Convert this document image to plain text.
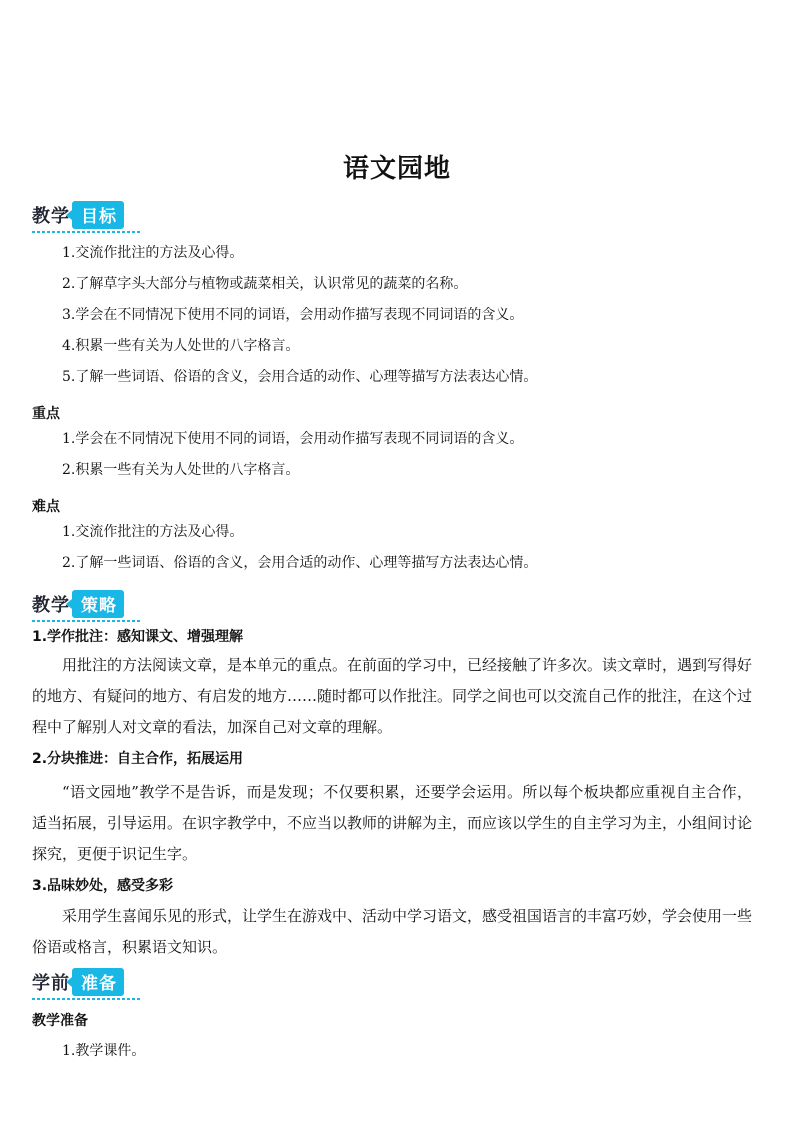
语文园地
教学 目标
1.交流作批注的方法及心得。
2.了解草字头大部分与植物或蔬菜相关，认识常见的蔬菜的名称。
3.学会在不同情况下使用不同的词语，会用动作描写表现不同词语的含义。
4.积累一些有关为人处世的八字格言。
5.了解一些词语、俗语的含义，会用合适的动作、心理等描写方法表达心情。
重点
1.学会在不同情况下使用不同的词语，会用动作描写表现不同词语的含义。
2.积累一些有关为人处世的八字格言。
难点
1.交流作批注的方法及心得。
2.了解一些词语、俗语的含义，会用合适的动作、心理等描写方法表达心情。
教学 策略
1.学作批注：感知课文、增强理解

用批注的方法阅读文章，是本单元的重点。在前面的学习中，已经接触了许多次。读文章时，遇到写得好的地方、有疑问的地方、有启发的地方……随时都可以作批注。同学之间也可以交流自己作的批注，在这个过程中了解别人对文章的看法，加深自己对文章的理解。

2.分块推进：自主合作，拓展运用

“语文园地”教学不是告诉，而是发现；不仅要积累，还要学会运用。所以每个板块都应重视自主合作，适当拓展，引导运用。在识字教学中，不应当以教师的讲解为主，而应该以学生的自主学习为主，小组间讨论探究，更便于识记生字。

3.品味妙处，感受多彩

采用学生喜闻乐见的形式，让学生在游戏中、活动中学习语文，感受祖国语言的丰富巧妙，学会使用一些俗语或格言，积累语文知识。

学前 准备
教学准备
1.教学课件。
